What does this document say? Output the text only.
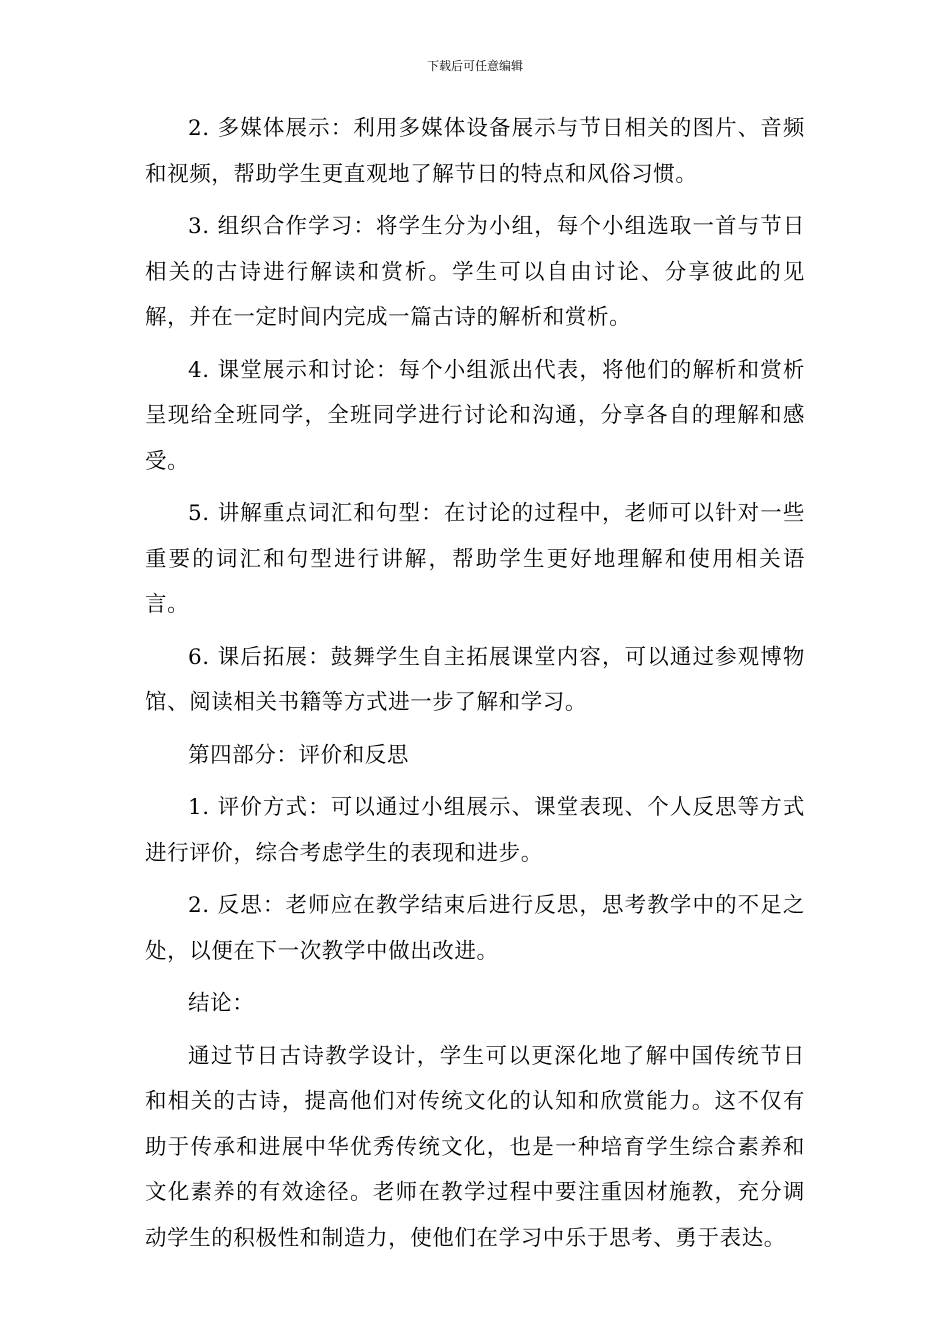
下载后可任意编辑

2. 多媒体展示：利用多媒体设备展示与节日相关的图片、音频和视频，帮助学生更直观地了解节日的特点和风俗习惯。

3. 组织合作学习：将学生分为小组，每个小组选取一首与节日相关的古诗进行解读和赏析。学生可以自由讨论、分享彼此的见解，并在一定时间内完成一篇古诗的解析和赏析。

4. 课堂展示和讨论：每个小组派出代表，将他们的解析和赏析呈现给全班同学，全班同学进行讨论和沟通，分享各自的理解和感受。

5. 讲解重点词汇和句型：在讨论的过程中，老师可以针对一些重要的词汇和句型进行讲解，帮助学生更好地理解和使用相关语言。

6. 课后拓展：鼓舞学生自主拓展课堂内容，可以通过参观博物馆、阅读相关书籍等方式进一步了解和学习。

第四部分：评价和反思

1. 评价方式：可以通过小组展示、课堂表现、个人反思等方式进行评价，综合考虑学生的表现和进步。

2. 反思：老师应在教学结束后进行反思，思考教学中的不足之处，以便在下一次教学中做出改进。

结论：

通过节日古诗教学设计，学生可以更深化地了解中国传统节日和相关的古诗，提高他们对传统文化的认知和欣赏能力。这不仅有助于传承和进展中华优秀传统文化，也是一种培育学生综合素养和文化素养的有效途径。老师在教学过程中要注重因材施教，充分调动学生的积极性和制造力，使他们在学习中乐于思考、勇于表达。
